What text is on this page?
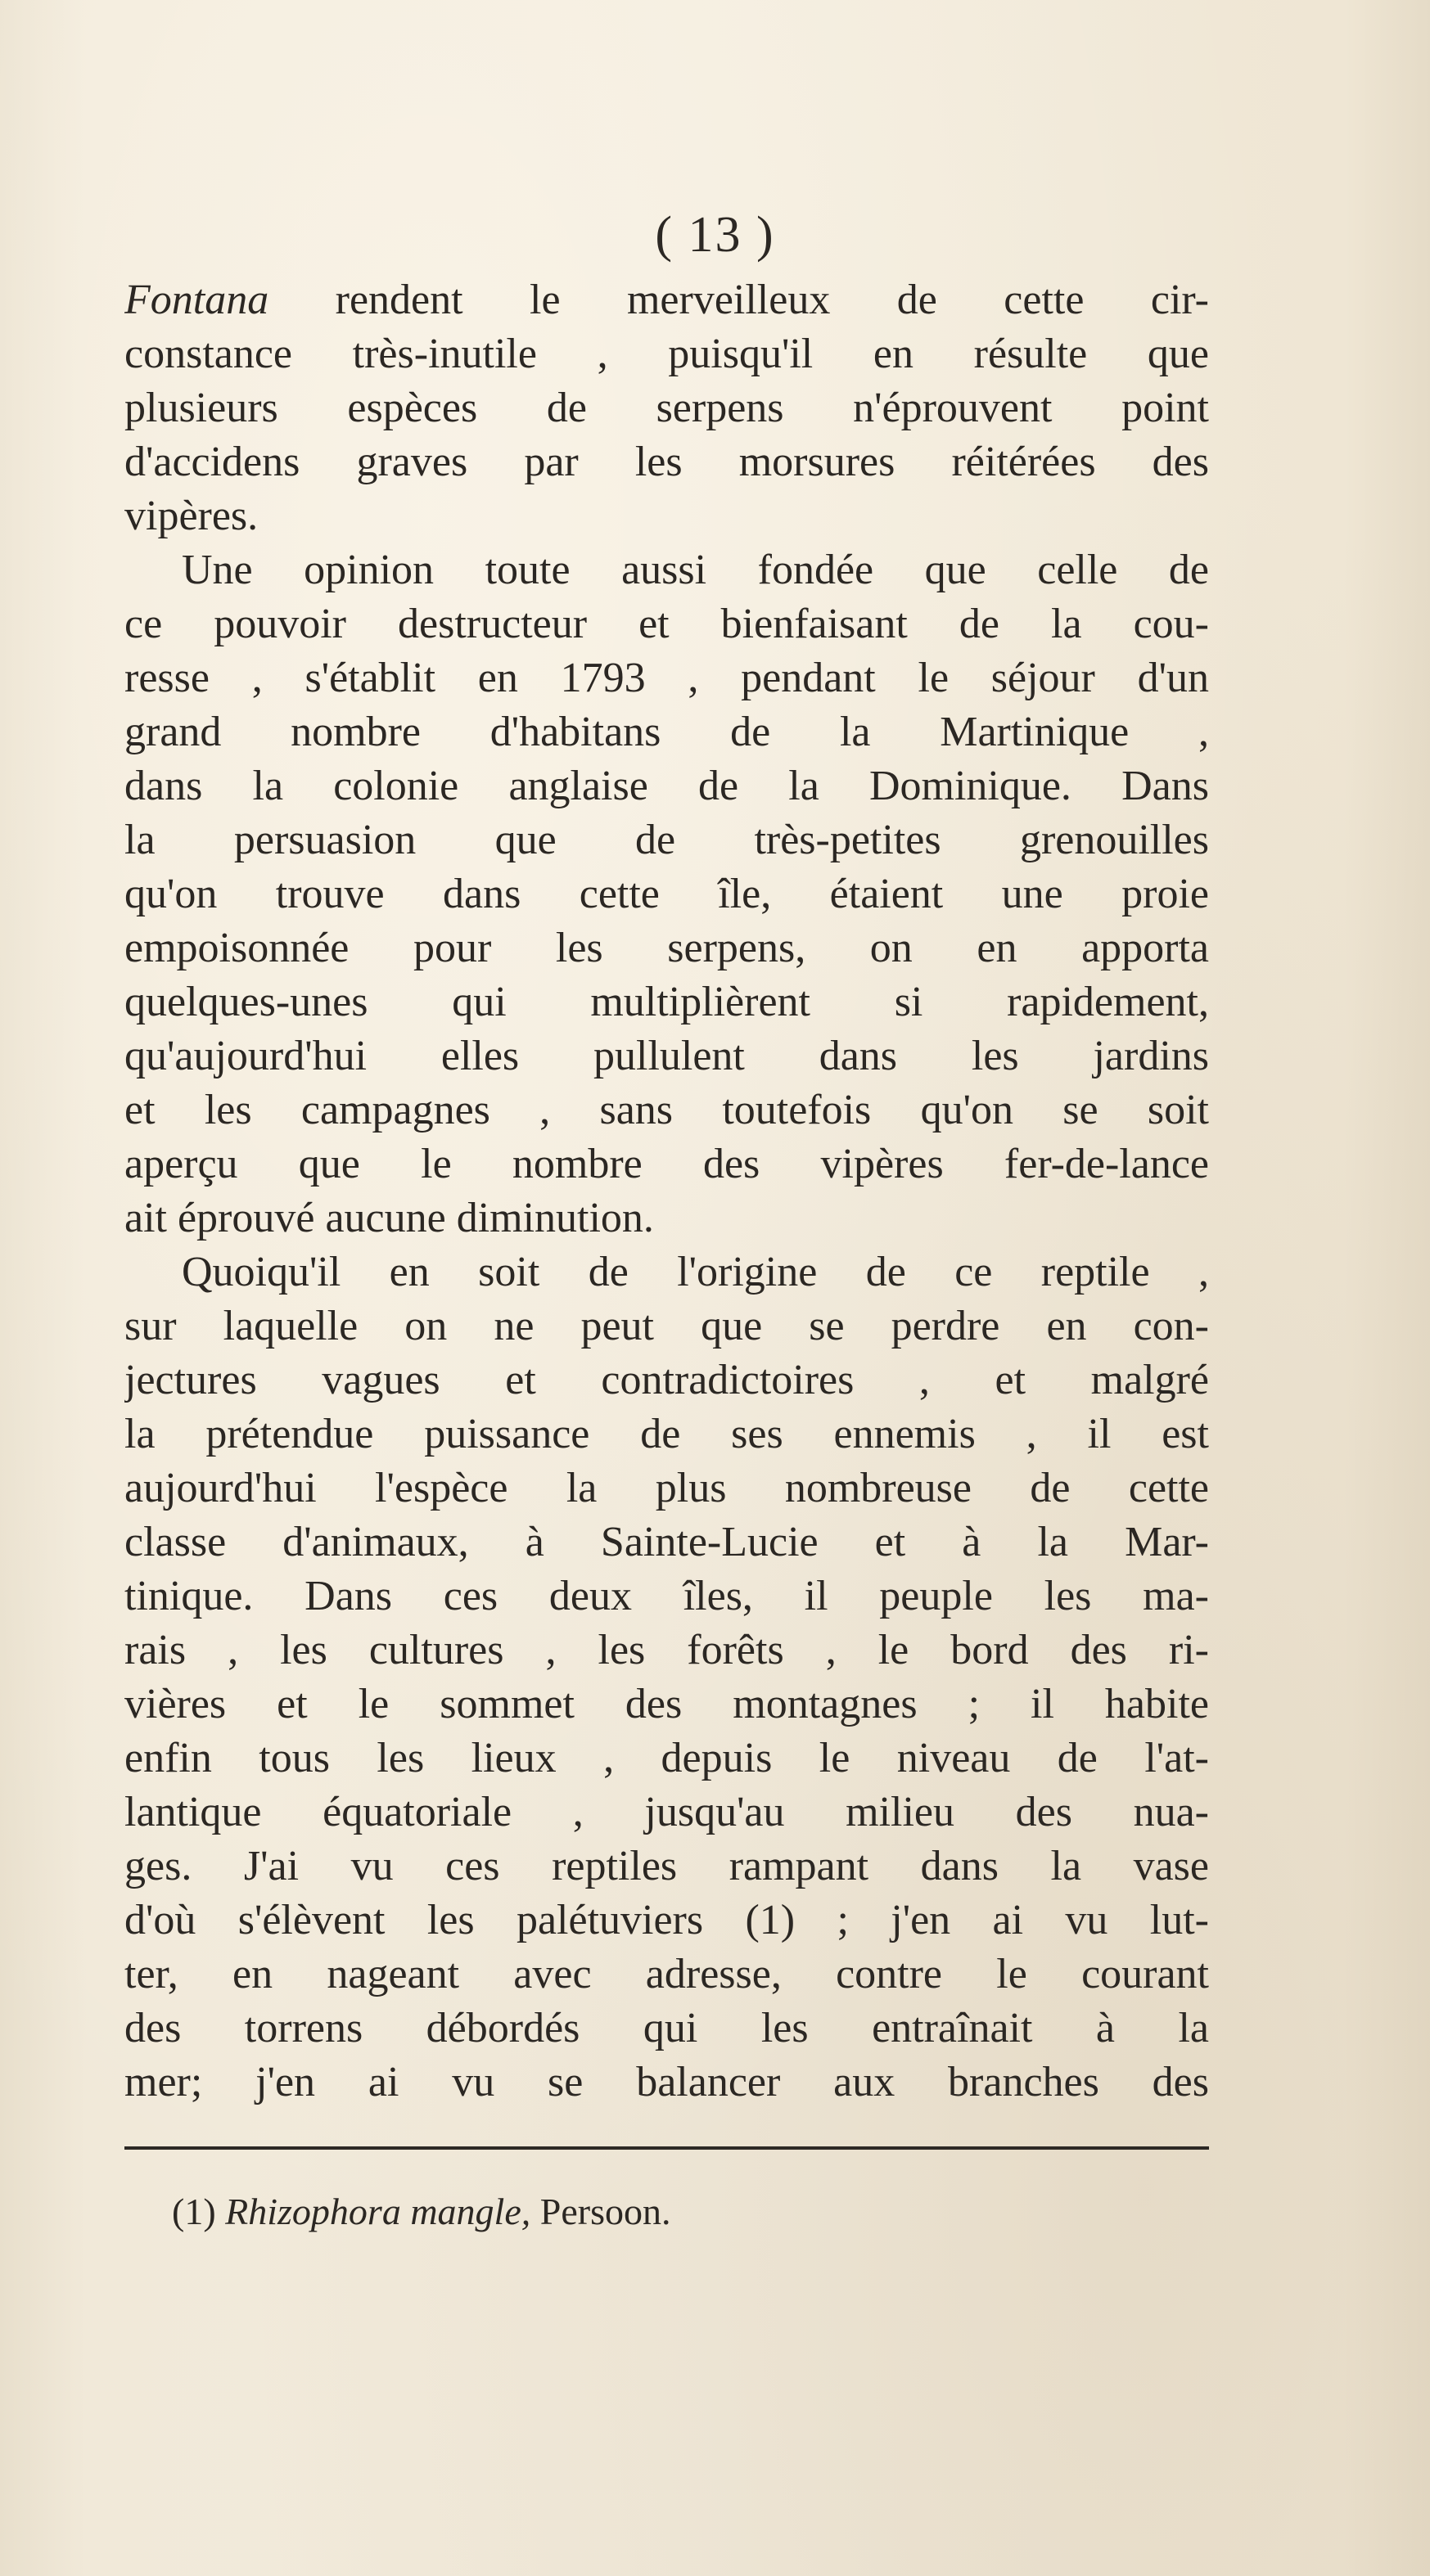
( 13 )
Fontana rendent le merveilleux de cette cir-
constance très-inutile , puisqu'il en résulte que
plusieurs espèces de serpens n'éprouvent point
d'accidens graves par les morsures réitérées des
vipères.
Une opinion toute aussi fondée que celle de
ce pouvoir destructeur et bienfaisant de la cou-
resse , s'établit en 1793 , pendant le séjour d'un
grand nombre d'habitans de la Martinique ,
dans la colonie anglaise de la Dominique. Dans
la persuasion que de très-petites grenouilles
qu'on trouve dans cette île, étaient une proie
empoisonnée pour les serpens, on en apporta
quelques-unes qui multiplièrent si rapidement,
qu'aujourd'hui elles pullulent dans les jardins
et les campagnes , sans toutefois qu'on se soit
aperçu que le nombre des vipères fer-de-lance
ait éprouvé aucune diminution.
Quoiqu'il en soit de l'origine de ce reptile ,
sur laquelle on ne peut que se perdre en con-
jectures vagues et contradictoires , et malgré
la prétendue puissance de ses ennemis , il est
aujourd'hui l'espèce la plus nombreuse de cette
classe d'animaux, à Sainte-Lucie et à la Mar-
tinique. Dans ces deux îles, il peuple les ma-
rais , les cultures , les forêts , le bord des ri-
vières et le sommet des montagnes ; il habite
enfin tous les lieux , depuis le niveau de l'at-
lantique équatoriale , jusqu'au milieu des nua-
ges. J'ai vu ces reptiles rampant dans la vase
d'où s'élèvent les palétuviers (1) ; j'en ai vu lut-
ter, en nageant avec adresse, contre le courant
des torrens débordés qui les entraînait à la
mer; j'en ai vu se balancer aux branches des
(1) Rhizophora mangle, Persoon.
